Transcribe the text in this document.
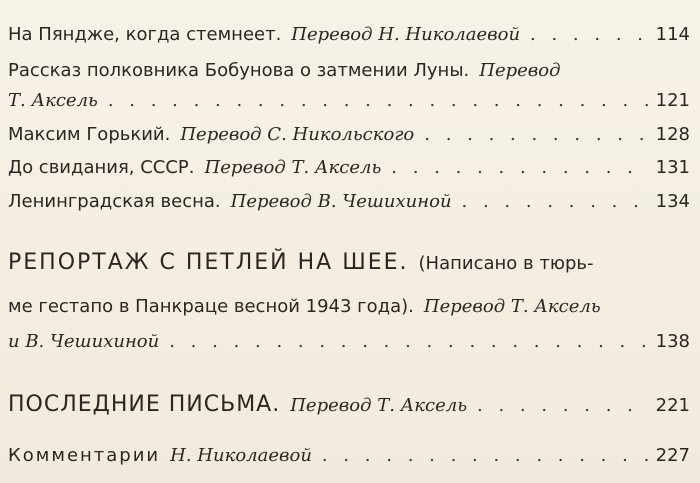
На Пяндже, когда стемнеет. Перевод Н. Николаевой . . .	114
Рассказ полковника Бобунова о затмении Луны. Перевод
Т. Аксель . . .	121
Максим Горький. Перевод С. Никольского . . .	128
До свидания, СССР. Перевод Т. Аксель . . .	131
Ленинградская весна. Перевод В. Чешихиной . . .	134
РЕПОРТАЖ С ПЕТЛЕЙ НА ШЕЕ. (Написано в тюрь-
ме гестапо в Панкраце весной 1943 года). Перевод Т. Аксель
и В. Чешихиной . . .	138
ПОСЛЕДНИЕ ПИСЬМА. Перевод Т. Аксель . . .	221
Комментарии Н. Николаевой . . .	227
